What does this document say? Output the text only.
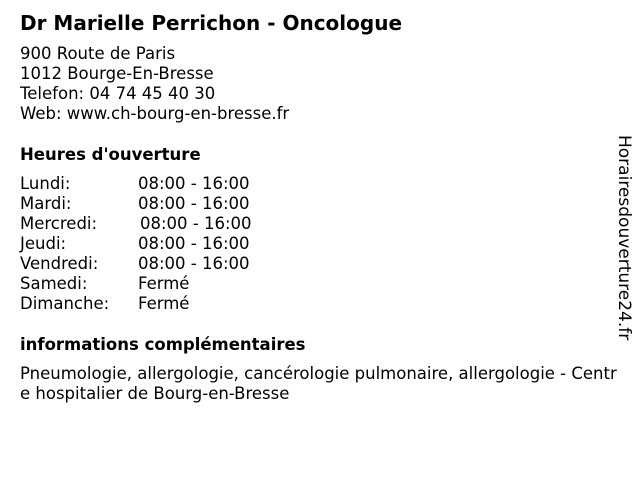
Dr Marielle Perrichon - Oncologue
900 Route de Paris
1012 Bourge-En-Bresse
Telefon: 04 74 45 40 30
Web: www.ch-bourg-en-bresse.fr
Heures d'ouverture
Lundi:	08:00 - 16:00
Mardi:	08:00 - 16:00
Mercredi:	08:00 - 16:00
Jeudi:	08:00 - 16:00
Vendredi: 08:00 - 16:00
Samedi:	Fermé
Dimanche: Fermé
informations complémentaires
Pneumologie, allergologie, cancérologie pulmonaire, allergologie - Centre hospitalier de Bourg-en-Bresse
Horairesdouverture24.fr
